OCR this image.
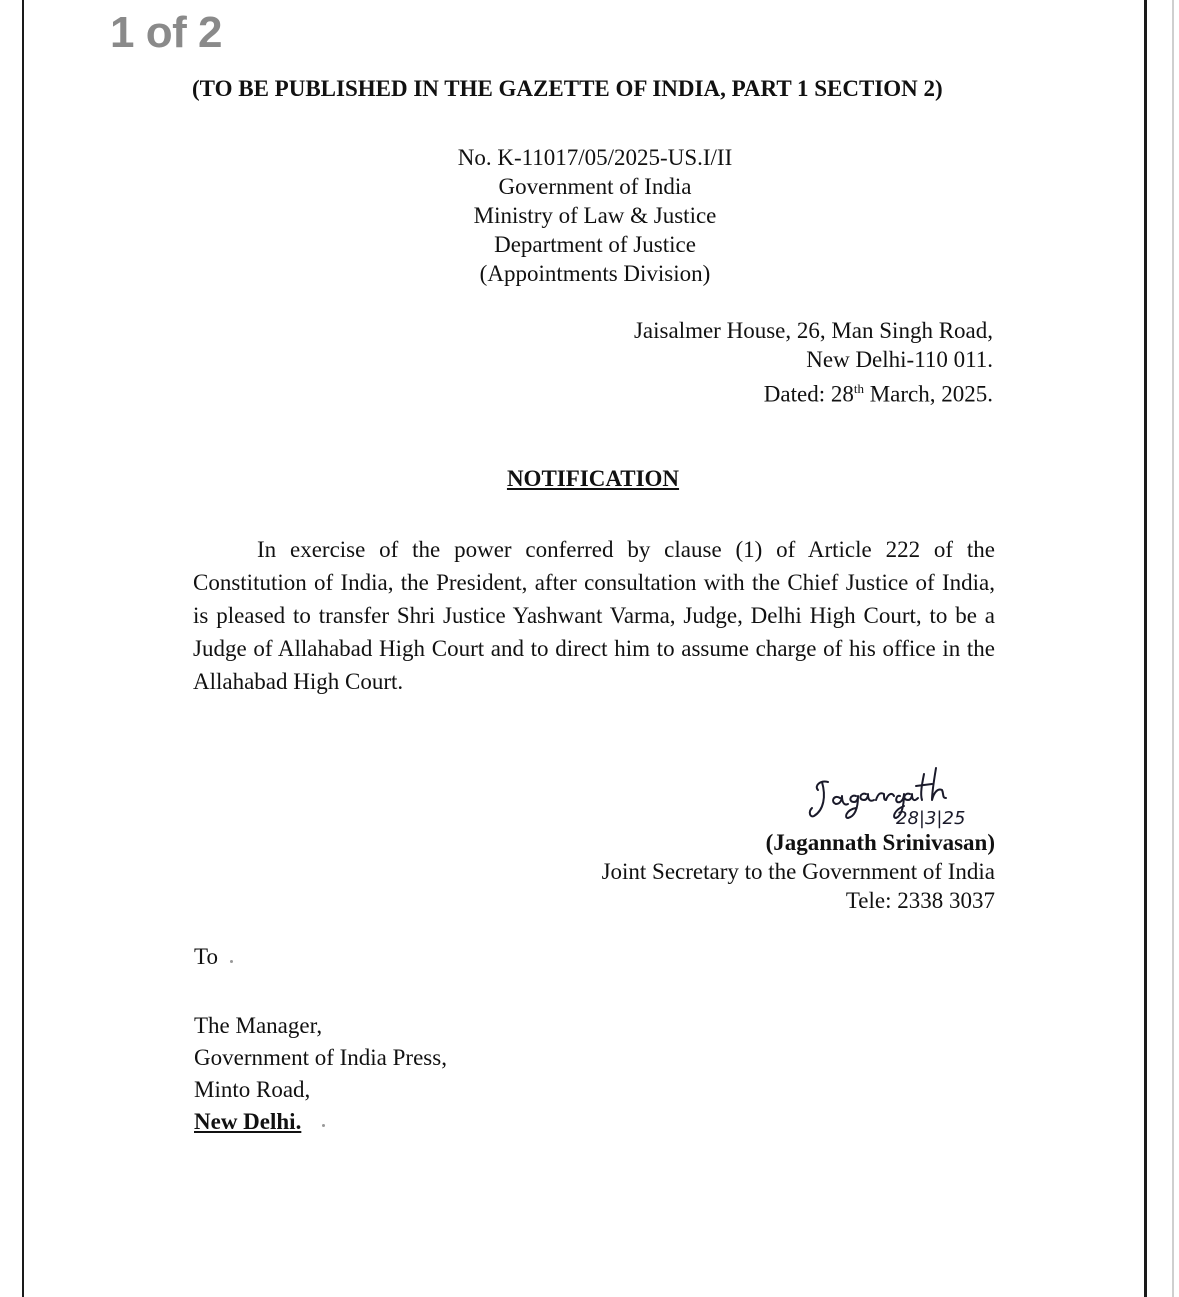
1 of 2
(TO BE PUBLISHED IN THE GAZETTE OF INDIA, PART 1 SECTION 2)
No. K-11017/05/2025-US.I/II
Government of India
Ministry of Law & Justice
Department of Justice
(Appointments Division)
Jaisalmer House, 26, Man Singh Road,
New Delhi-110 011.
Dated: 28th March, 2025.
NOTIFICATION
In exercise of the power conferred by clause (1) of Article 222 of the Constitution of India, the President, after consultation with the Chief Justice of India, is pleased to transfer Shri Justice Yashwant Varma, Judge, Delhi High Court, to be a Judge of Allahabad High Court and to direct him to assume charge of his office in the Allahabad High Court.
28|3|25
(Jagannath Srinivasan)
Joint Secretary to the Government of India
Tele: 2338 3037
To
The Manager,
Government of India Press,
Minto Road,
New Delhi.
